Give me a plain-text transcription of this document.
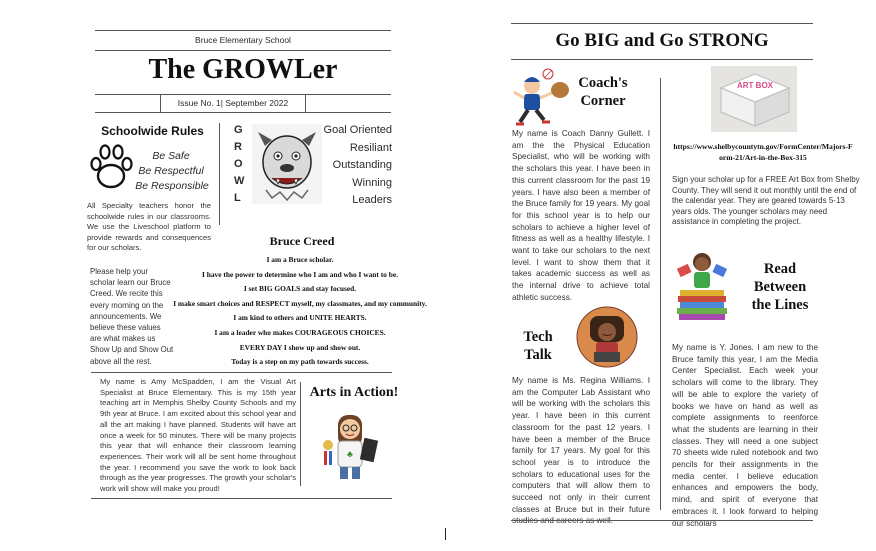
Bruce Elementary School
The GROWLer
Issue No. 1| September 2022
Schoolwide Rules
Be Safe
Be Respectful
Be Responsible
All Specialty teachers honor the schoolwide rules in our classrooms. We use the Liveschool platform to provide rewards and consequences for our scholars.
G
R
O
W
L
Goal Oriented
Resiliant
Outstanding
Winning
Leaders
Bruce Creed
Please help your scholar learn our Bruce Creed. We recite this every morning on the announcements. We believe these values are what makes us Show Up and Show Out above all the rest.
I am a Bruce scholar.
I have the power to determine who I am and who I want to be.
I set BIG GOALS and stay focused.
I make smart choices and RESPECT myself, my classmates, and my community.
I am kind to others and UNITE HEARTS.
I am a leader who makes COURAGEOUS CHOICES.
EVERY DAY I show up and show out.
Today is a step on my path towards success.
My name is Amy McSpadden, I am the Visual Art Specialist at Bruce Elementary. This is my 15th year teaching art in Memphis Shelby County Schools and my 9th year at Bruce. I am excited about this school year and all the art making I have planned. Students will have art once a week for 50 minutes. There will be many projects this year that will enhance their classroom learning experiences. Their work will all be sent home throughout the year. I recommend you save the work to look back through as the year progresses. The growth your scholar's work will show will make you proud!
Arts in Action!
♣
Go BIG and Go STRONG
Coach's
Corner
My name is Coach Danny Gullett. I am the the Physical Education Specialist, who will be working with the scholars this year. I have been in this current classroom for the past 19 years. I have also been a member of the Bruce family for 19 years. My goal for this school year is to help our scholars to achieve a higher level of fitness as well as a healthy lifestyle. I want to take our scholars to the next level. I want to show them that it takes academic success as well as the internal drive to achieve total athletic success.
ART BOX
https://www.shelbycountytn.gov/FormCenter/Majors-Form-21/Art-in-the-Box-315
Sign your scholar up for a FREE Art Box from Shelby County. They will send it out monthly until the end of the calendar year. They are geared towards 5-13 years olds. The younger scholars may need assistance in completing the project.
Tech
Talk
My name is Ms. Regina Williams. I am the Computer Lab Assistant who will be working with the scholars this year. I have been in this current classroom for the past 12 years. I have been a member of the Bruce family for 17 years. My goal for this school year is to introduce the scholars to educational uses for the computers that will allow them to succeed not only in their current classes at Bruce but in their future studies and careers as well.
Read
Between
the Lines
My name is Y. Jones. I am new to the Bruce family this year, I am the Media Center Specialist. Each week your scholars will come to the library. They will be able to explore the variety of books we have on hand as well as complete assignments to reenforce what the students are learning in their classes. They will need a one subject 70 sheets wide ruled notebook and two pencils for their assignments in the media center. I believe education enhances and empowers the body, mind, and spirit of everyone that embraces it. I look forward to helping our scholars
